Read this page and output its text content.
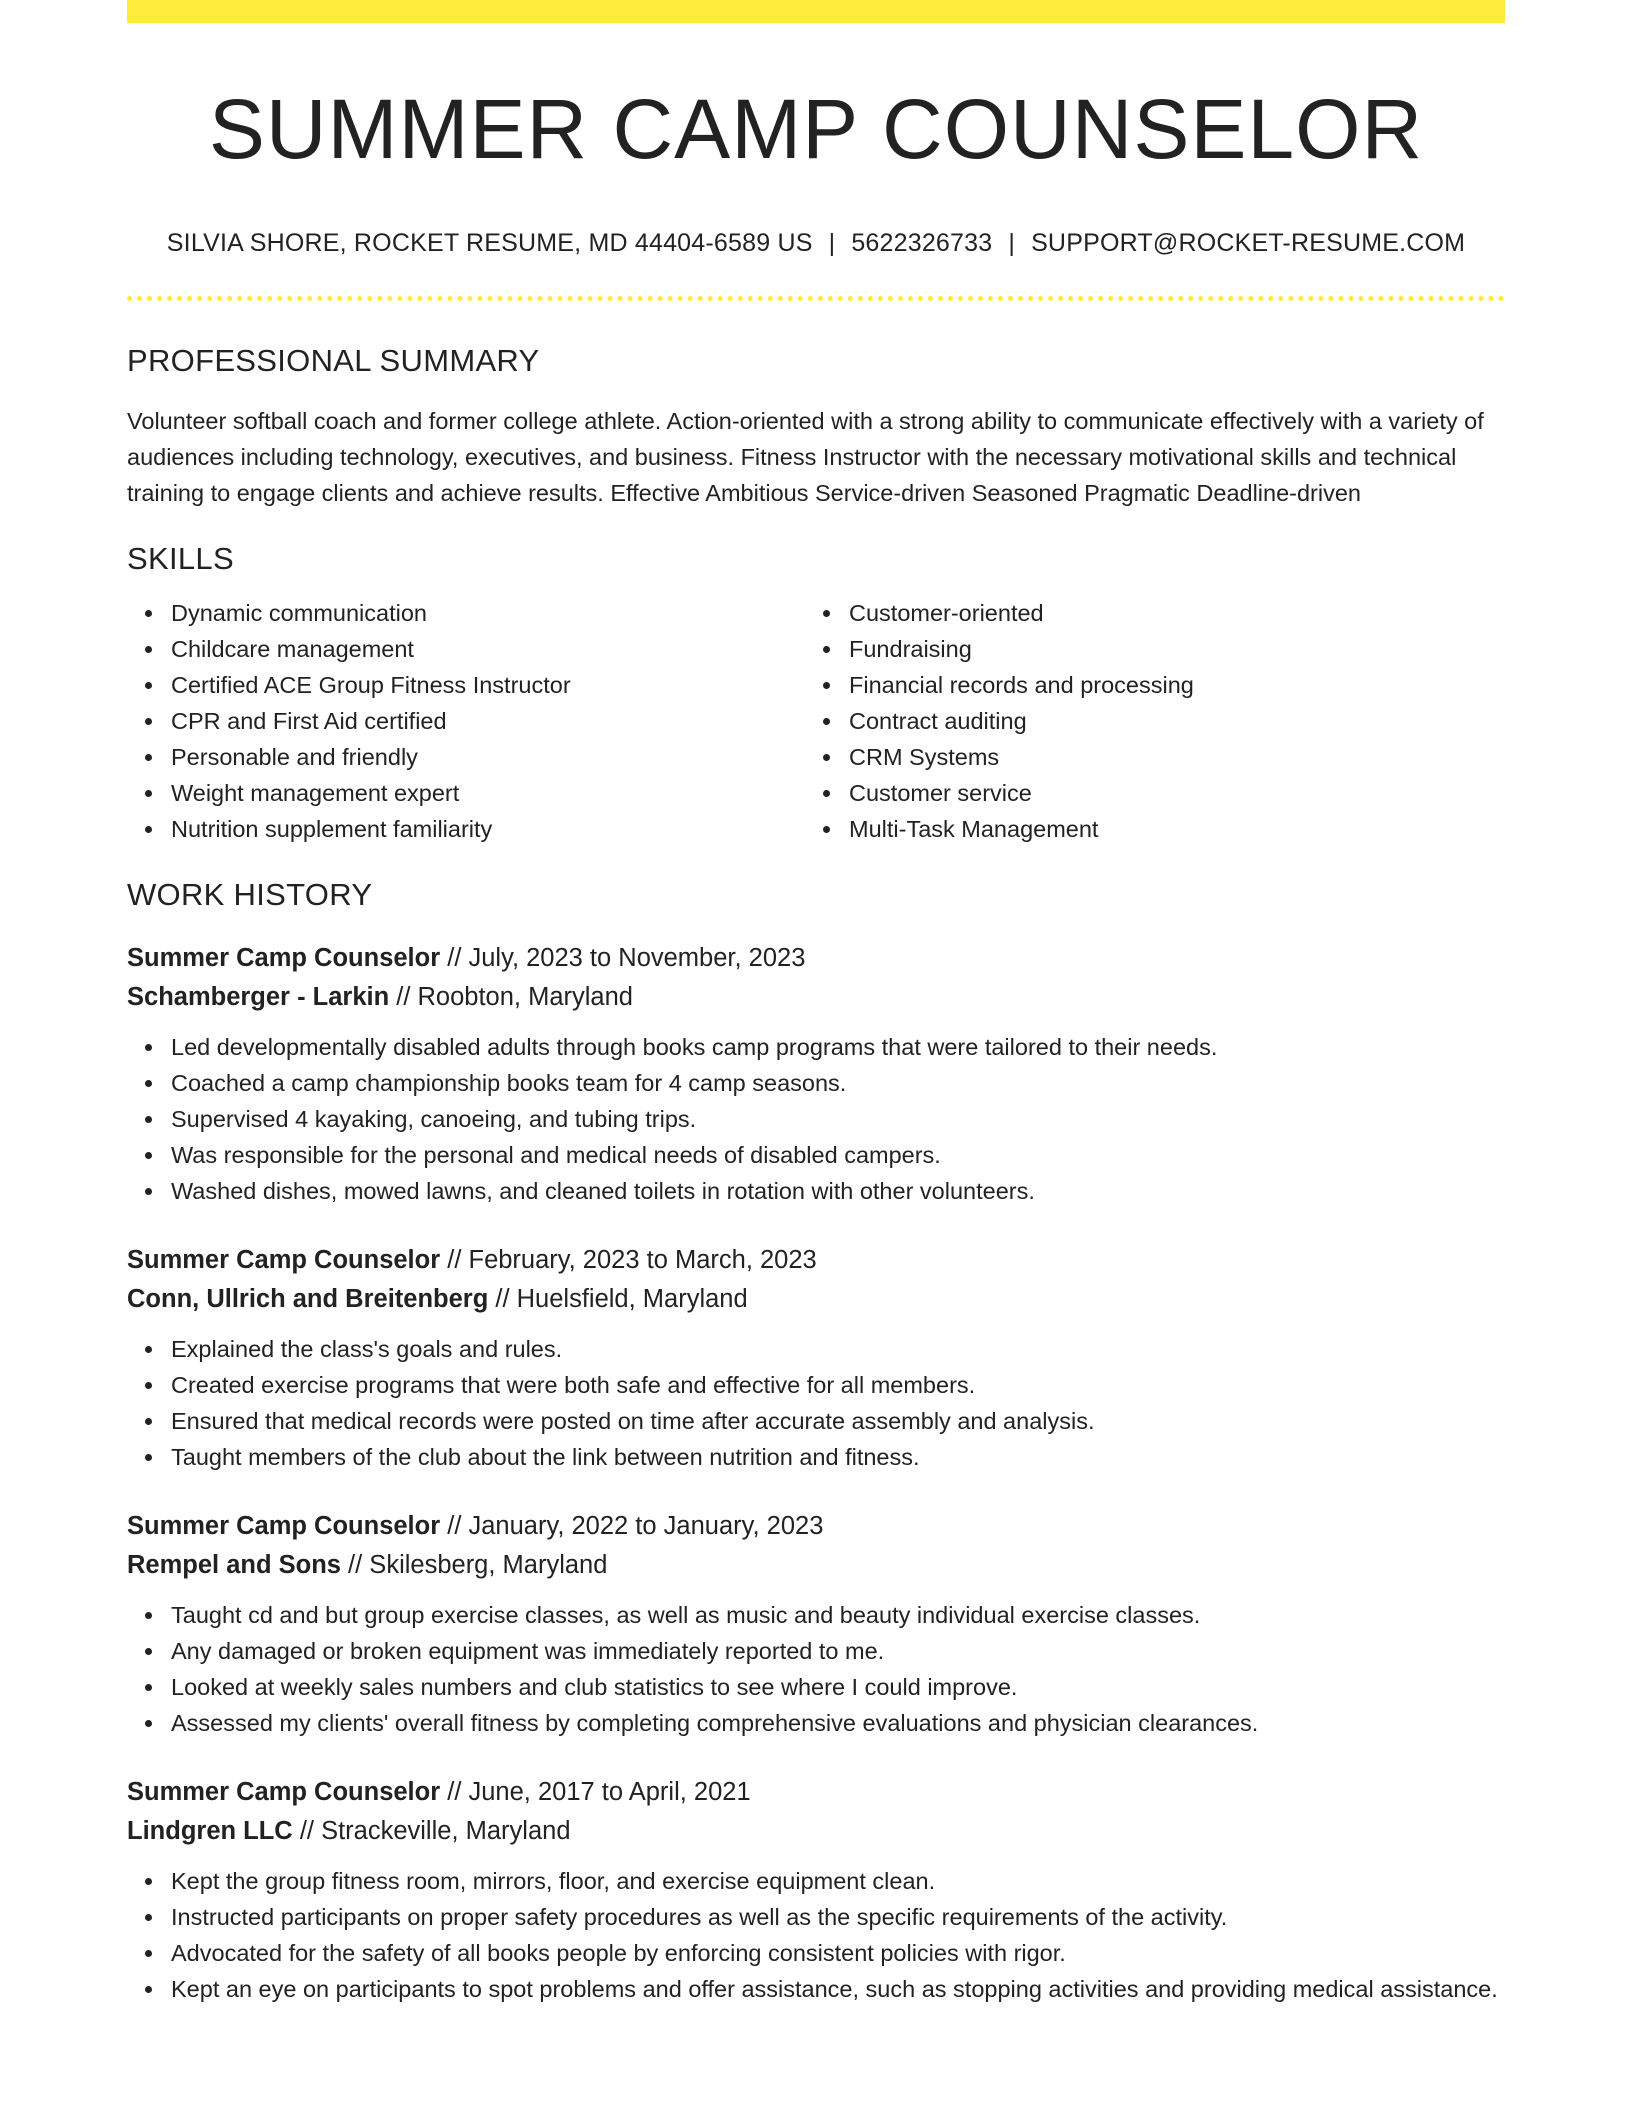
SUMMER CAMP COUNSELOR
SILVIA SHORE, ROCKET RESUME, MD 44404-6589 US | 5622326733 | SUPPORT@ROCKET-RESUME.COM
PROFESSIONAL SUMMARY
Volunteer softball coach and former college athlete. Action-oriented with a strong ability to communicate effectively with a variety of audiences including technology, executives, and business. Fitness Instructor with the necessary motivational skills and technical training to engage clients and achieve results. Effective Ambitious Service-driven Seasoned Pragmatic Deadline-driven
SKILLS
Dynamic communication
Childcare management
Certified ACE Group Fitness Instructor
CPR and First Aid certified
Personable and friendly
Weight management expert
Nutrition supplement familiarity
Customer-oriented
Fundraising
Financial records and processing
Contract auditing
CRM Systems
Customer service
Multi-Task Management
WORK HISTORY
Summer Camp Counselor // July, 2023 to November, 2023
Schamberger - Larkin // Roobton, Maryland
Led developmentally disabled adults through books camp programs that were tailored to their needs.
Coached a camp championship books team for 4 camp seasons.
Supervised 4 kayaking, canoeing, and tubing trips.
Was responsible for the personal and medical needs of disabled campers.
Washed dishes, mowed lawns, and cleaned toilets in rotation with other volunteers.
Summer Camp Counselor // February, 2023 to March, 2023
Conn, Ullrich and Breitenberg // Huelsfield, Maryland
Explained the class's goals and rules.
Created exercise programs that were both safe and effective for all members.
Ensured that medical records were posted on time after accurate assembly and analysis.
Taught members of the club about the link between nutrition and fitness.
Summer Camp Counselor // January, 2022 to January, 2023
Rempel and Sons // Skilesberg, Maryland
Taught cd and but group exercise classes, as well as music and beauty individual exercise classes.
Any damaged or broken equipment was immediately reported to me.
Looked at weekly sales numbers and club statistics to see where I could improve.
Assessed my clients' overall fitness by completing comprehensive evaluations and physician clearances.
Summer Camp Counselor // June, 2017 to April, 2021
Lindgren LLC // Strackeville, Maryland
Kept the group fitness room, mirrors, floor, and exercise equipment clean.
Instructed participants on proper safety procedures as well as the specific requirements of the activity.
Advocated for the safety of all books people by enforcing consistent policies with rigor.
Kept an eye on participants to spot problems and offer assistance, such as stopping activities and providing medical assistance.
